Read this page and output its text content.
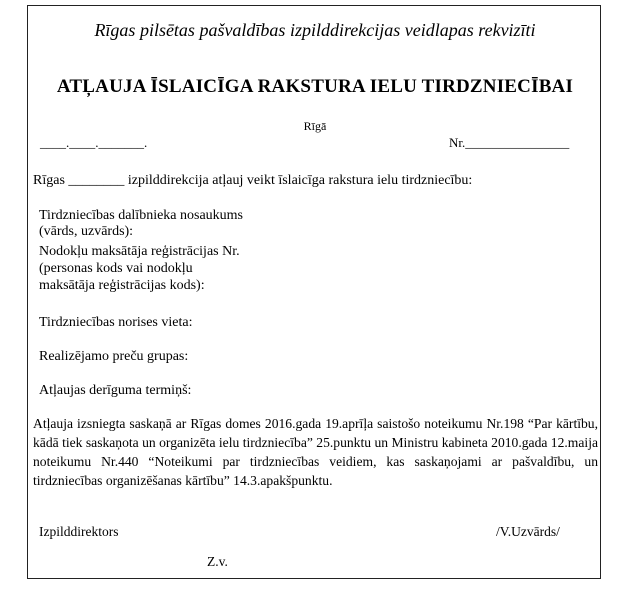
Rīgas pilsētas pašvaldības izpilddirekcijas veidlapas rekvizīti
ATĻAUJA ĪSLAICĪGA RAKSTURA IELU TIRDZNIECĪBAI
Rīgā
____.____._______.	Nr.________________
Rīgas ________ izpilddirekcija atļauj veikt īslaicīga rakstura ielu tirdzniecību:
Tirdzniecības dalībnieka nosaukums
(vārds, uzvārds):
Nodokļu maksātāja reģistrācijas Nr.
(personas kods vai nodokļu
maksātāja reģistrācijas kods):
Tirdzniecības norises vieta:
Realizējamo preču grupas:
Atļaujas derīguma termiņš:
Atļauja izsniegta saskaņā ar Rīgas domes 2016.gada 19.aprīļa saistošo noteikumu Nr.198 “Par kārtību, kādā tiek saskaņota un organizēta ielu tirdzniecība” 25.punktu un Ministru kabineta 2010.gada 12.maija noteikumu Nr.440 “Noteikumi par tirdzniecības veidiem, kas saskaņojami ar pašvaldību, un tirdzniecības organizēšanas kārtību” 14.3.apakšpunktu.
Izpilddirektors	/V.Uzvārds/
Z.v.
